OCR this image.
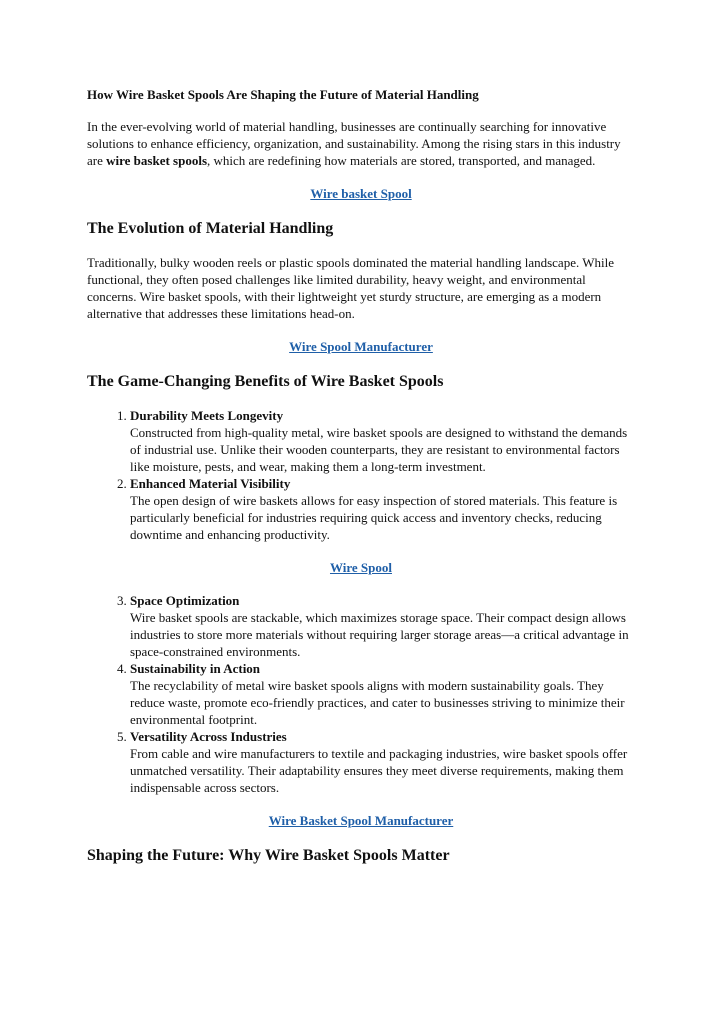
How Wire Basket Spools Are Shaping the Future of Material Handling

In the ever-evolving world of material handling, businesses are continually searching for innovative solutions to enhance efficiency, organization, and sustainability. Among the rising stars in this industry are wire basket spools, which are redefining how materials are stored, transported, and managed.

Wire basket Spool
The Evolution of Material Handling

Traditionally, bulky wooden reels or plastic spools dominated the material handling landscape. While functional, they often posed challenges like limited durability, heavy weight, and environmental concerns. Wire basket spools, with their lightweight yet sturdy structure, are emerging as a modern alternative that addresses these limitations head-on.

Wire Spool Manufacturer
The Game-Changing Benefits of Wire Basket Spools
1. Durability Meets Longevity
Constructed from high-quality metal, wire basket spools are designed to withstand the demands of industrial use. Unlike their wooden counterparts, they are resistant to environmental factors like moisture, pests, and wear, making them a long-term investment.
2. Enhanced Material Visibility
The open design of wire baskets allows for easy inspection of stored materials. This feature is particularly beneficial for industries requiring quick access and inventory checks, reducing downtime and enhancing productivity.
Wire Spool
3. Space Optimization
Wire basket spools are stackable, which maximizes storage space. Their compact design allows industries to store more materials without requiring larger storage areas—a critical advantage in space-constrained environments.
4. Sustainability in Action
The recyclability of metal wire basket spools aligns with modern sustainability goals. They reduce waste, promote eco-friendly practices, and cater to businesses striving to minimize their environmental footprint.
5. Versatility Across Industries
From cable and wire manufacturers to textile and packaging industries, wire basket spools offer unmatched versatility. Their adaptability ensures they meet diverse requirements, making them indispensable across sectors.
Wire Basket Spool Manufacturer
Shaping the Future: Why Wire Basket Spools Matter
